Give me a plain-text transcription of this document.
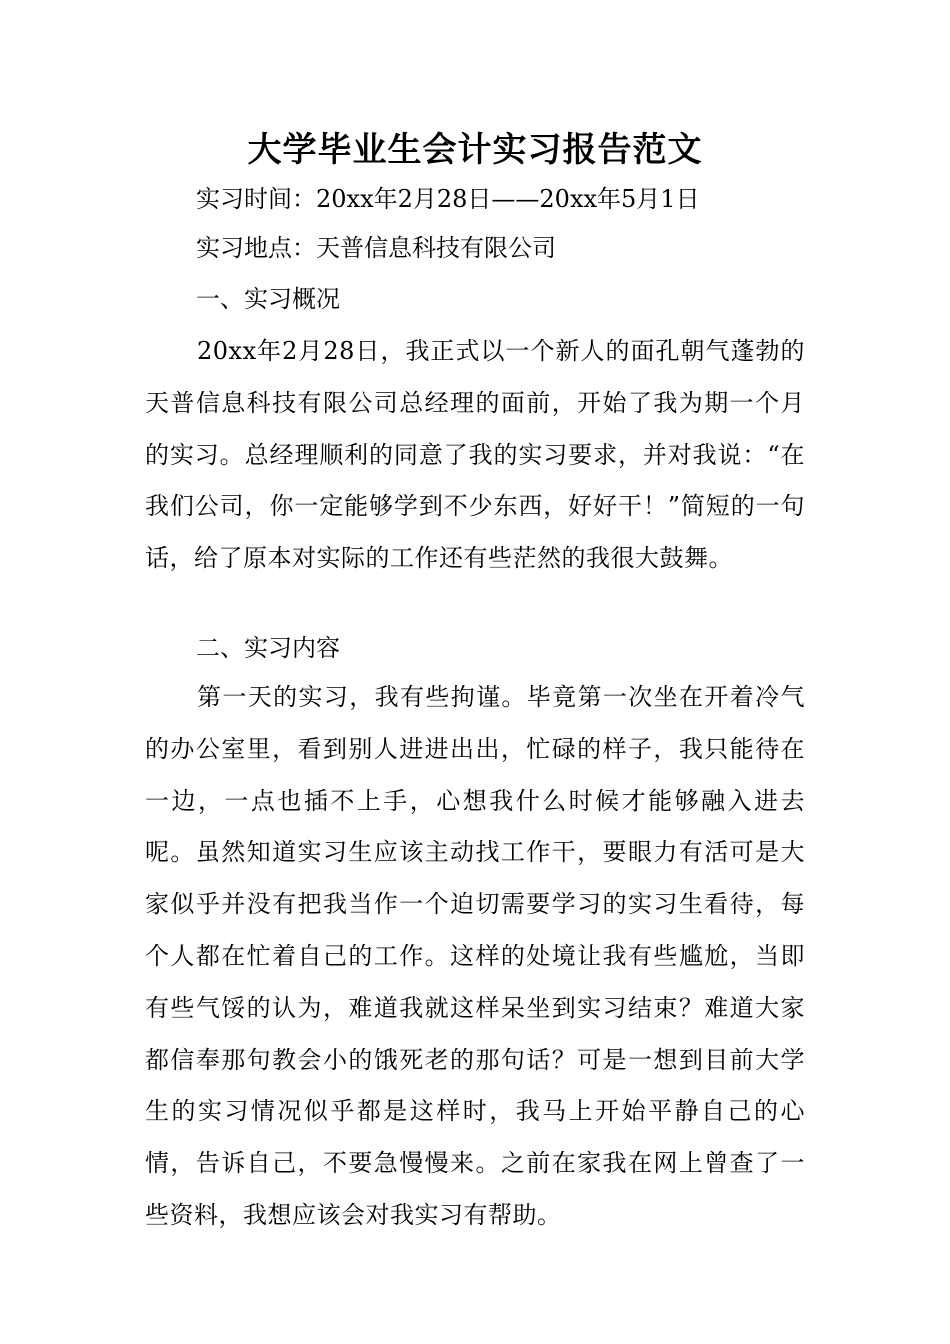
大学毕业生会计实习报告范文
实习时间：20xx年2月28日——20xx年5月1日
实习地点：天普信息科技有限公司
一、实习概况
20xx年2月28日，我正式以一个新人的面孔朝气蓬勃的天普信息科技有限公司总经理的面前，开始了我为期一个月的实习。总经理顺利的同意了我的实习要求，并对我说：“在我们公司，你一定能够学到不少东西，好好干！”简短的一句话，给了原本对实际的工作还有些茫然的我很大鼓舞。
二、实习内容
第一天的实习，我有些拘谨。毕竟第一次坐在开着冷气的办公室里，看到别人进进出出，忙碌的样子，我只能待在一边，一点也插不上手，心想我什么时候才能够融入进去呢。虽然知道实习生应该主动找工作干，要眼力有活可是大家似乎并没有把我当作一个迫切需要学习的实习生看待，每个人都在忙着自己的工作。这样的处境让我有些尴尬，当即有些气馁的认为，难道我就这样呆坐到实习结束？难道大家都信奉那句教会小的饿死老的那句话？可是一想到目前大学生的实习情况似乎都是这样时，我马上开始平静自己的心情，告诉自己，不要急慢慢来。之前在家我在网上曾查了一些资料，我想应该会对我实习有帮助。
